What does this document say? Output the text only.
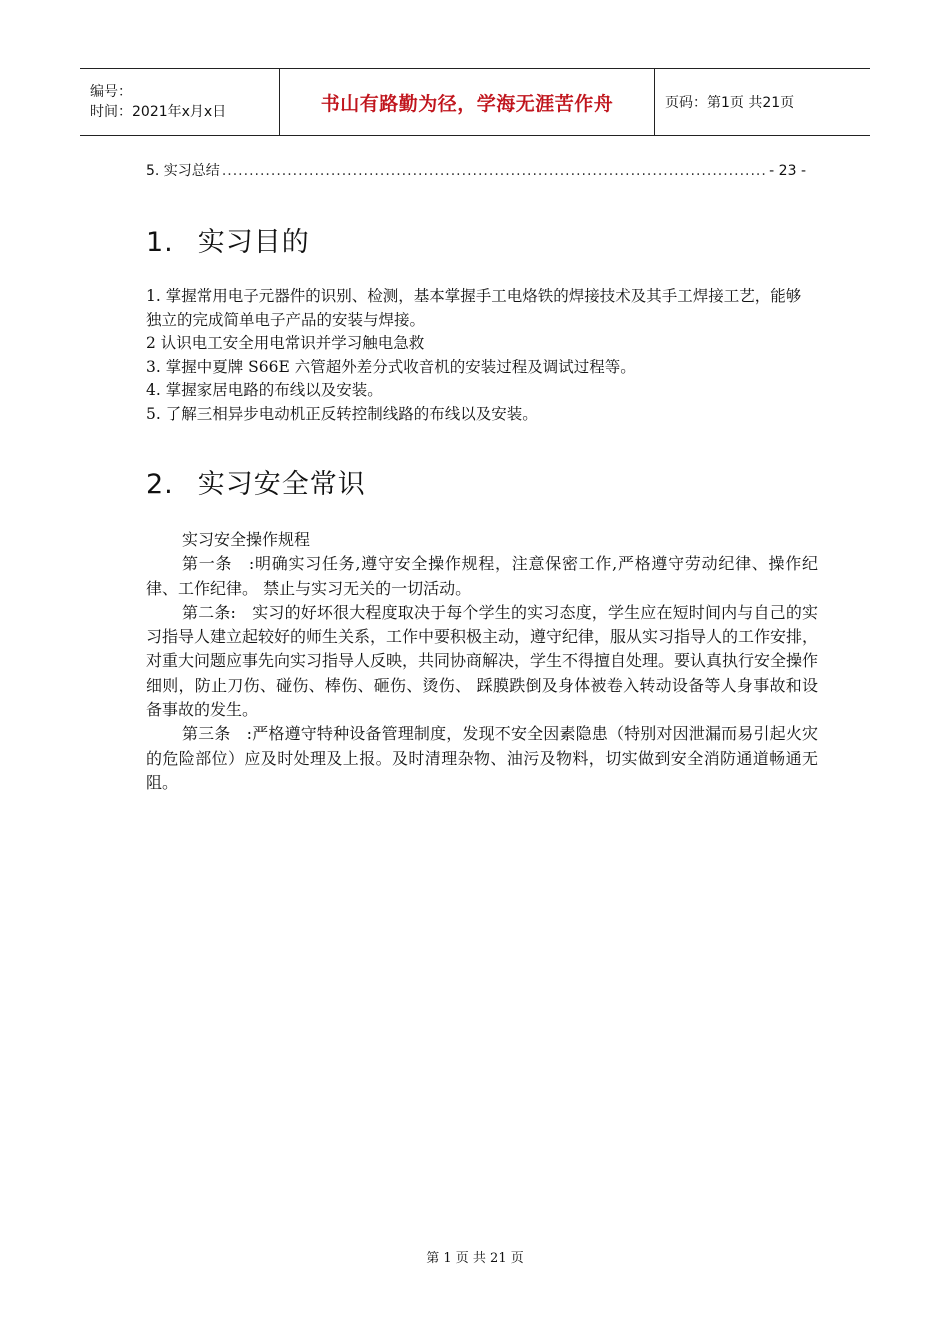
编号：
时间：2021年x月x日	书山有路勤为径，学海无涯苦作舟	页码：第1页 共21页
5. 实习总结
.....	- 23 -
1. 实习目的

1. 掌握常用电子元器件的识别、检测，基本掌握手工电烙铁的焊接技术及其手工焊接工艺，能够独立的完成简单电子产品的安装与焊接。

2 认识电工安全用电常识并学习触电急救

3. 掌握中夏牌 S66E 六管超外差分式收音机的安装过程及调试过程等。

4. 掌握家居电路的布线以及安装。

5. 了解三相异步电动机正反转控制线路的布线以及安装。

2. 实习安全常识

实习安全操作规程

第一条　:明确实习任务,遵守安全操作规程，注意保密工作,严格遵守劳动纪律、操作纪律、工作纪律。 禁止与实习无关的一切活动。

第二条:　实习的好坏很大程度取决于每个学生的实习态度，学生应在短时间内与自己的实习指导人建立起较好的师生关系，工作中要积极主动，遵守纪律，服从实习指导人的工作安排，对重大问题应事先向实习指导人反映，共同协商解决，学生不得擅自处理。要认真执行安全操作细则，防止刀伤、碰伤、棒伤、砸伤、烫伤、 踩膜跌倒及身体被卷入转动设备等人身事故和设备事故的发生。

第三条　:严格遵守特种设备管理制度，发现不安全因素隐患（特别对因泄漏而易引起火灾的危险部位）应及时处理及上报。及时清理杂物、油污及物料，切实做到安全消防通道畅通无阻。

第 1 页 共 21 页
